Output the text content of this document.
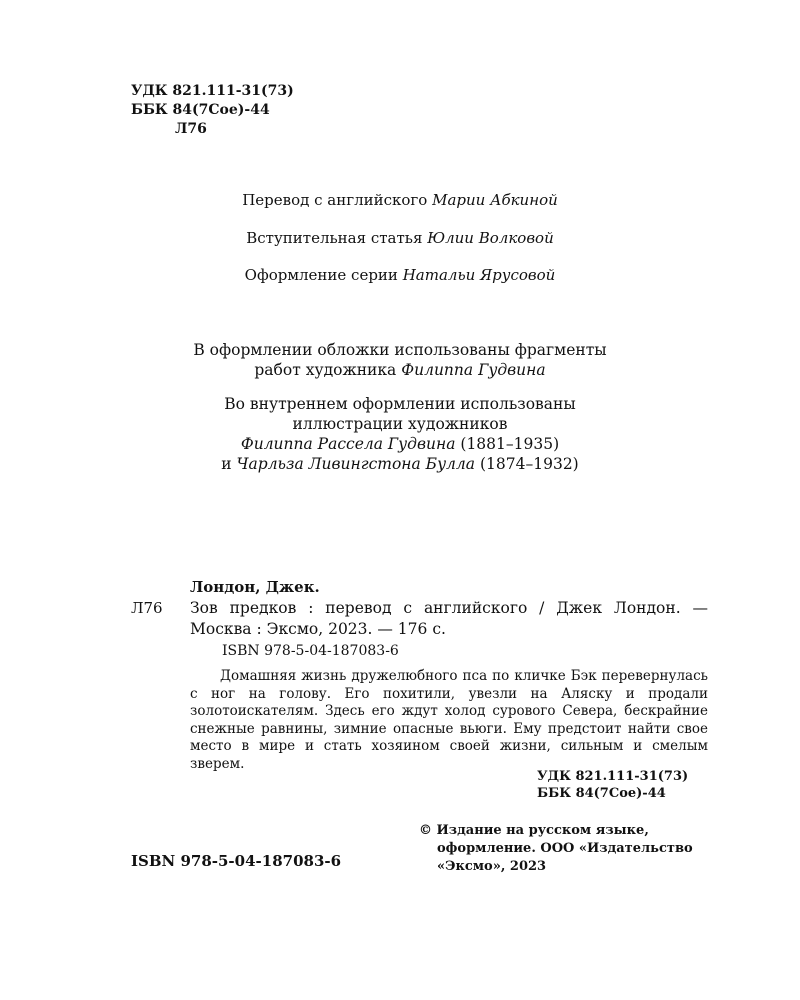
УДК 821.111-31(73)
ББК 84(7Сое)-44
Л76
Перевод с английского Марии Абкиной
Вступительная статья Юлии Волковой
Оформление серии Натальи Ярусовой
В оформлении обложки использованы фрагменты
работ художника Филиппа Гудвина
Во внутреннем оформлении использованы
иллюстрации художников
Филиппа Расселa Гудвина (1881–1935)
и Чарльза Ливингстона Булла (1874–1932)
Лондон, Джек.
Л76 Зов предков : перевод с английского / Джек Лондон. — Москва : Эксмо, 2023. — 176 с.
ISBN 978-5-04-187083-6
Домашняя жизнь дружелюбного пса по кличке Бэк перевернулась с ног на голову. Его похитили, увезли на Аляску и продали золотоискателям. Здесь его ждут холод сурового Севера, бескрайние снежные равнины, зимние опасные вьюги. Ему предстоит найти свое место в мире и стать хозяином своей жизни, сильным и смелым зверем.
УДК 821.111-31(73)
ББК 84(7Сое)-44
© Издание на русском языке,
оформление. ООО «Издательство
«Эксмо», 2023
ISBN 978-5-04-187083-6
